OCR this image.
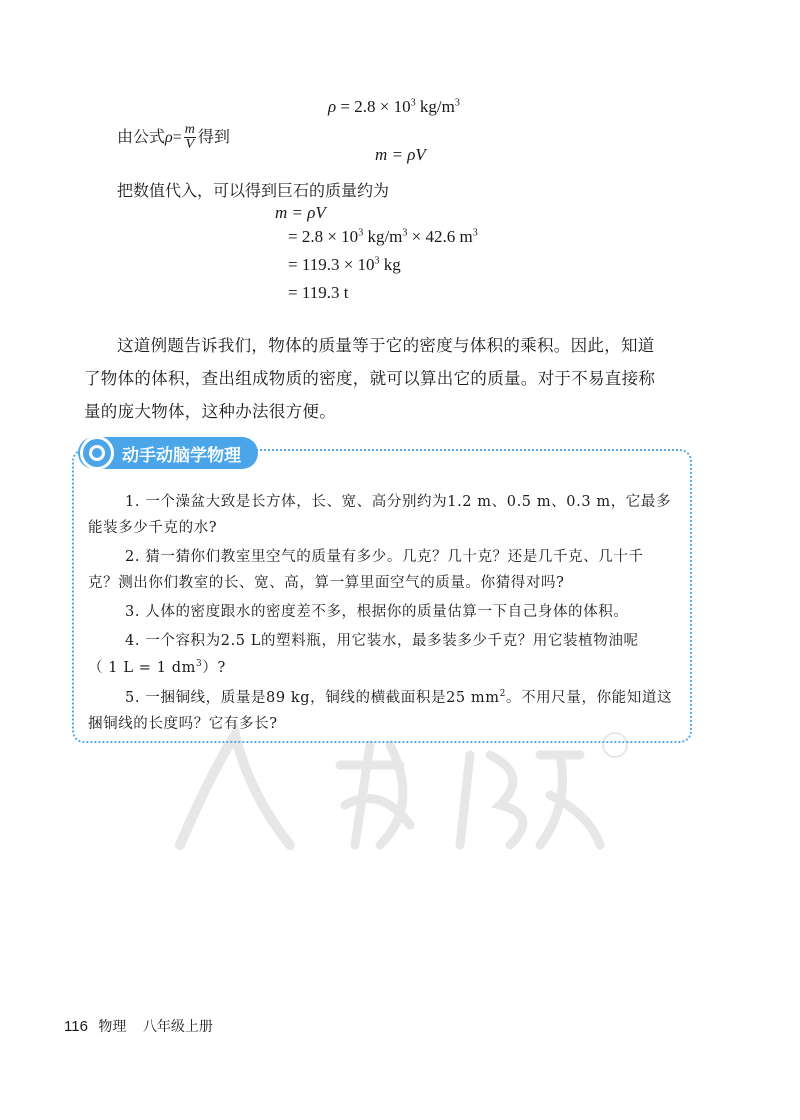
$\rho = 2.8 \times 10^3$ $kg/m^3$
由公式$\rho= \frac{m}{V}$ 得到
m = ρV
把数值代入，可以得到巨石的质量约为
m = ρV
= $2.8 \times 10^3$ $kg/m^3 \times 42.6$ $m^3$
= $119.3 \times 10^3$ kg
= 119.3 t
这道例题告诉我们，物体的质量等于它的密度与体积的乘积。因此，知道
了物体的体积，查出组成物质的密度，就可以算出它的质量。对于不易直接称
量的庞大物体，这种办法很方便。
动手动脑学物理
1. 一个澡盆大致是长方体，长、宽、高分别约为1.2 m、0.5 m、0.3 m，它最多
能装多少千克的水?
2. 猜一猜你们教室里空气的质量有多少。几克？几十克？还是几千克、几十千
克？测出你们教室的长、宽、高，算一算里面空气的质量。你猜得对吗?
3. 人体的密度跟水的密度差不多，根据你的质量估算一下自己身体的体积。
4. 一个容积为2.5 L的塑料瓶，用它装水，最多装多少千克？用它装植物油呢
（ 1 L = 1 $dm^3$）?
5. 一捆铜线，质量是89 kg，铜线的横截面积是25 $mm^2$。不用尺量，你能知道这
捆铜线的长度吗？它有多长?
116 物理 八年级上册
